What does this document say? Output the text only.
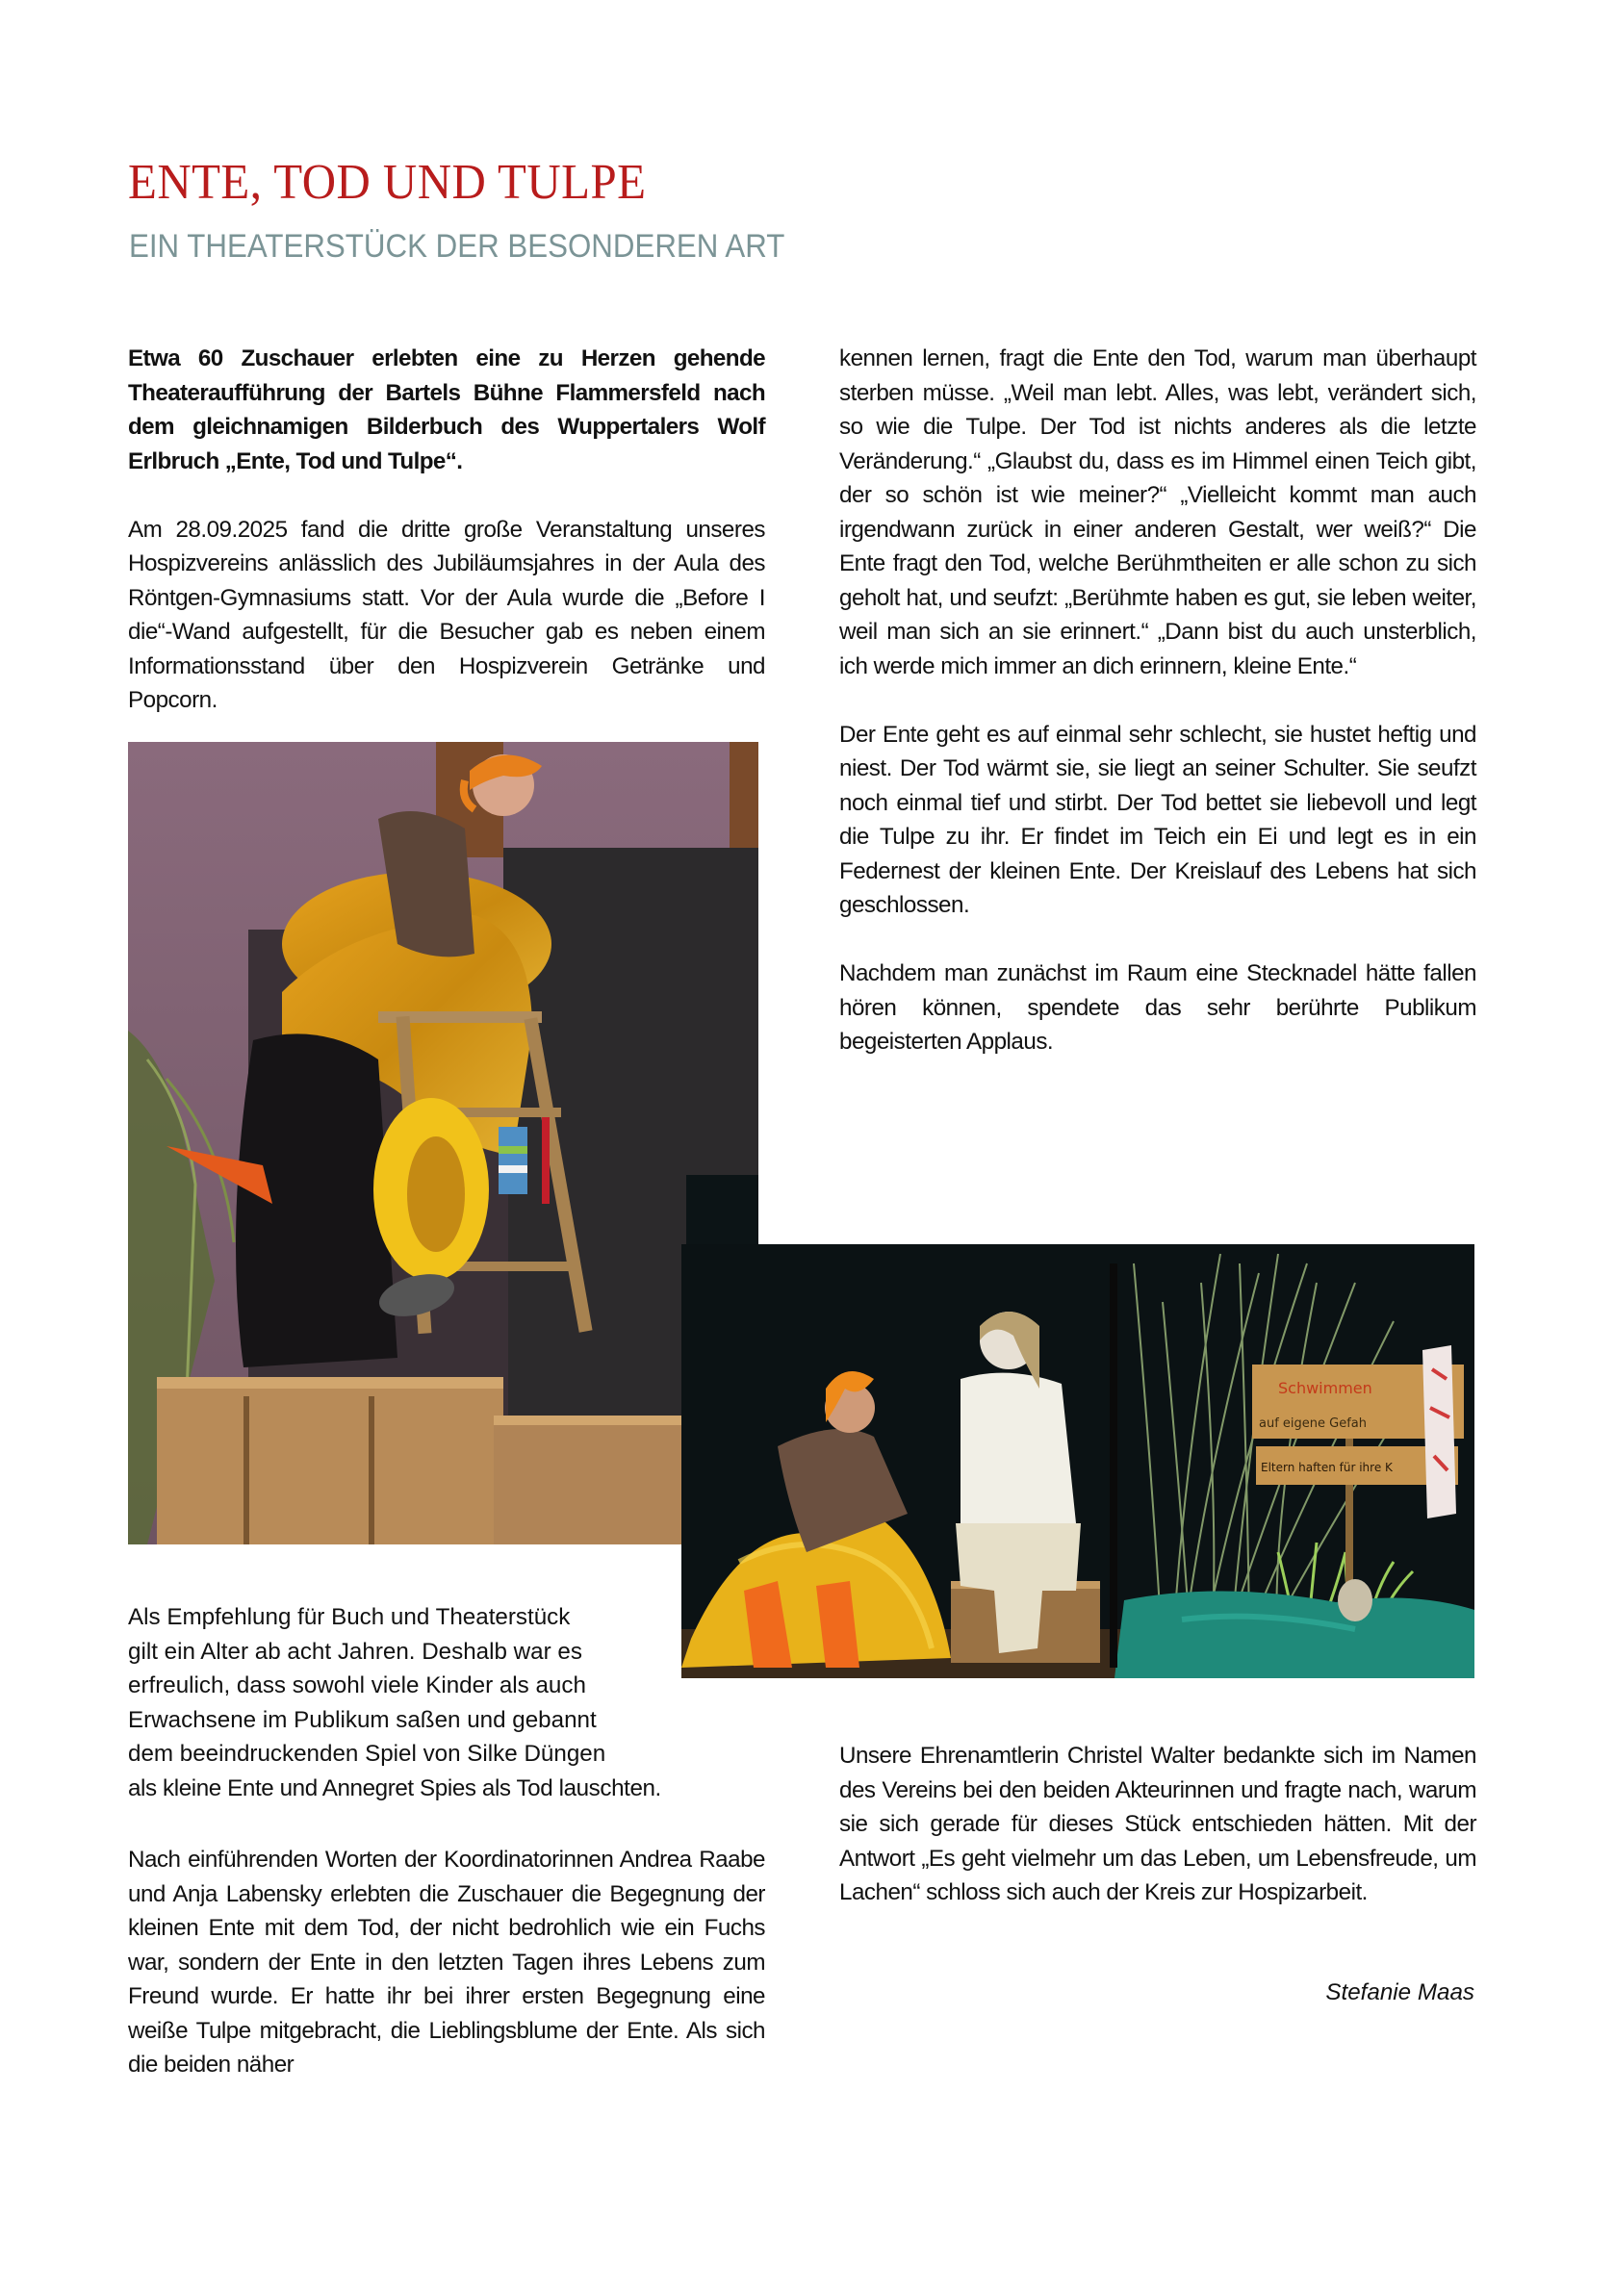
ENTE, TOD UND TULPE
EIN THEATERSTÜCK DER BESONDEREN ART

Etwa 60 Zuschauer erlebten eine zu Herzen gehende Theateraufführung der Bartels Bühne Flammersfeld nach dem gleichnamigen Bilderbuch des Wuppertalers Wolf Erlbruch „Ente, Tod und Tulpe“.

Am 28.09.2025 fand die dritte große Veranstaltung unseres Hospizvereins anlässlich des Jubiläumsjahres in der Aula des Röntgen-Gymnasiums statt. Vor der Aula wurde die „Before I die“-Wand aufgestellt, für die Besucher gab es neben einem Informationsstand über den Hospizverein Getränke und Popcorn.

kennen lernen, fragt die Ente den Tod, warum man überhaupt sterben müsse. „Weil man lebt. Alles, was lebt, verändert sich, so wie die Tulpe. Der Tod ist nichts anderes als die letzte Veränderung.“ „Glaubst du, dass es im Himmel einen Teich gibt, der so schön ist wie meiner?“ „Vielleicht kommt man auch irgendwann zurück in einer anderen Gestalt, wer weiß?“ Die Ente fragt den Tod, welche Berühmtheiten er alle schon zu sich geholt hat, und seufzt: „Berühmte haben es gut, sie leben weiter, weil man sich an sie erinnert.“ „Dann bist du auch unsterblich, ich werde mich immer an dich erinnern, kleine Ente.“

Der Ente geht es auf einmal sehr schlecht, sie hustet heftig und niest. Der Tod wärmt sie, sie liegt an seiner Schulter. Sie seufzt noch einmal tief und stirbt. Der Tod bettet sie liebevoll und legt die Tulpe zu ihr. Er findet im Teich ein Ei und legt es in ein Federnest der kleinen Ente. Der Kreislauf des Lebens hat sich geschlossen.

Nachdem man zunächst im Raum eine Stecknadel hätte fallen hören können, spendete das sehr berührte Publikum begeisterten Applaus.

Schwimmen
auf eigene Gefah
Eltern haften für ihre K
Als Empfehlung für Buch und Theaterstück
gilt ein Alter ab acht Jahren. Deshalb war es
erfreulich, dass sowohl viele Kinder als auch
Erwachsene im Publikum saßen und gebannt
dem beeindruckenden Spiel von Silke Düngen
als kleine Ente und Annegret Spies als Tod lauschten.

Nach einführenden Worten der Koordinatorinnen Andrea Raabe und Anja Labensky erlebten die Zuschauer die Begegnung der kleinen Ente mit dem Tod, der nicht bedrohlich wie ein Fuchs war, sondern der Ente in den letzten Tagen ihres Lebens zum Freund wurde. Er hatte ihr bei ihrer ersten Begegnung eine weiße Tulpe mitgebracht, die Lieblingsblume der Ente. Als sich die beiden näher

Unsere Ehrenamtlerin Christel Walter bedankte sich im Namen des Vereins bei den beiden Akteurinnen und fragte nach, warum sie sich gerade für dieses Stück entschieden hätten. Mit der Antwort „Es geht vielmehr um das Leben, um Lebensfreude, um Lachen“ schloss sich auch der Kreis zur Hospizarbeit.

Stefanie Maas
